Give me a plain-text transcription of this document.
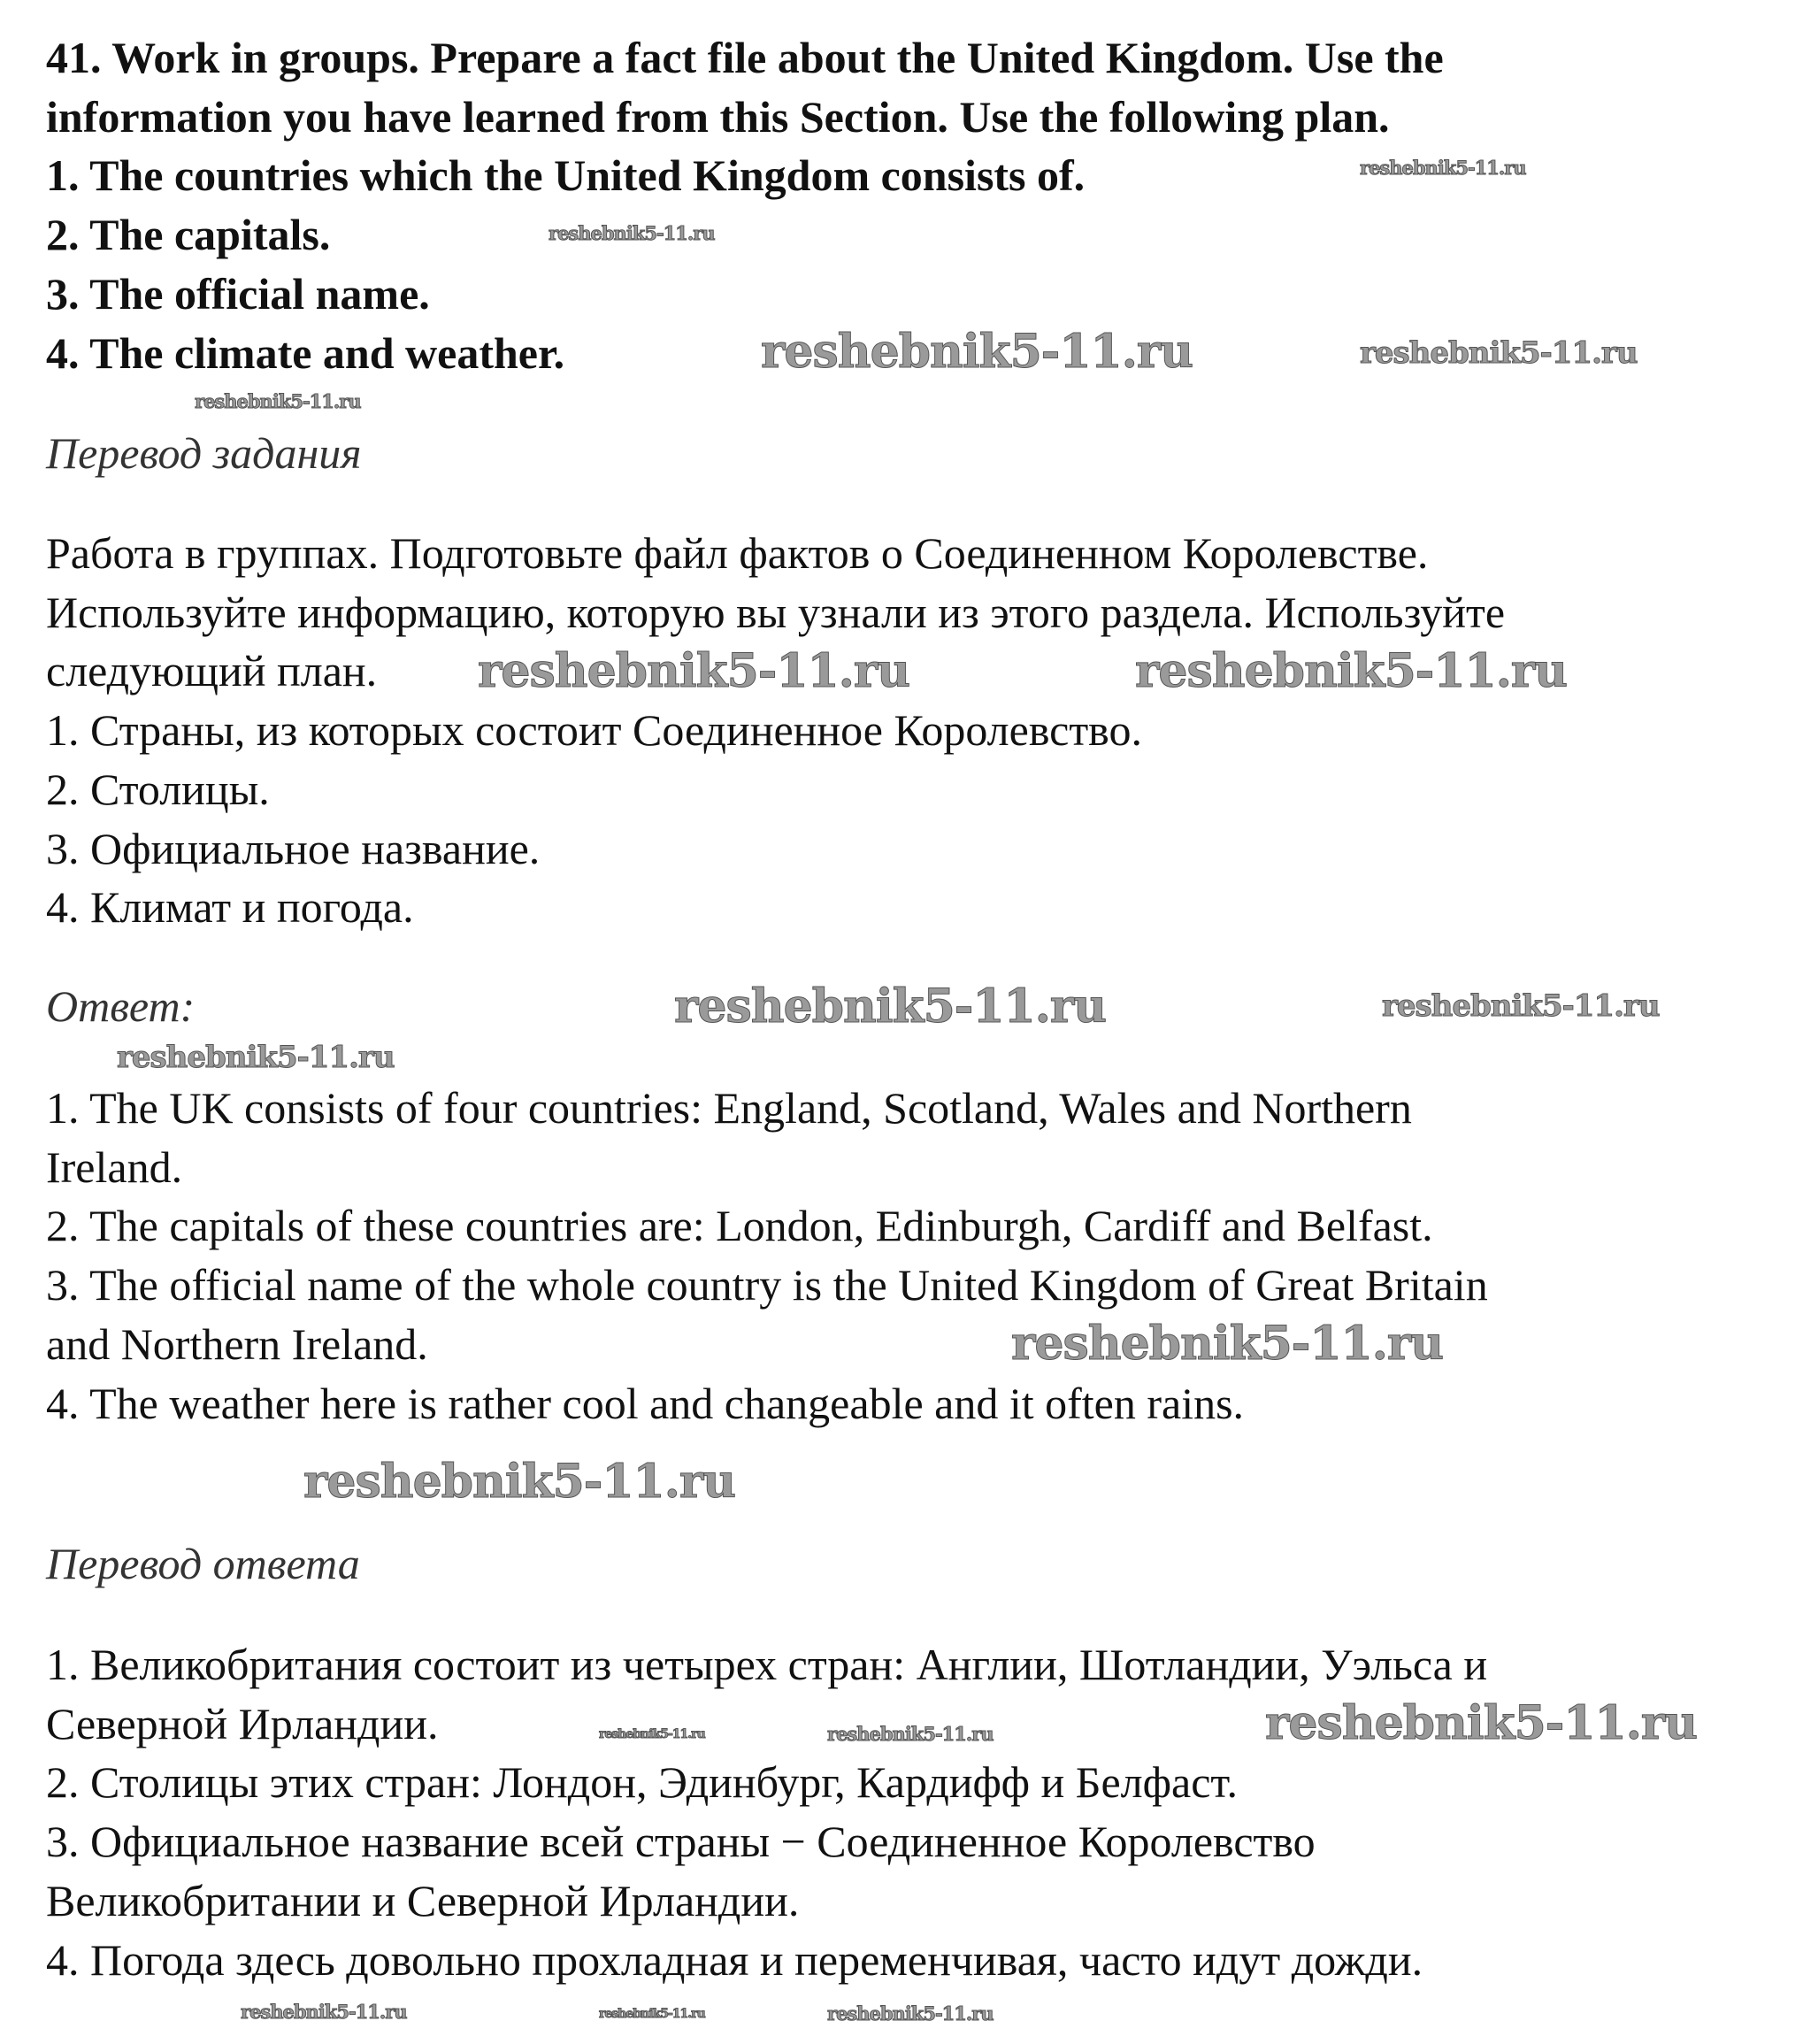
41. Work in groups. Prepare a fact file about the United Kingdom. Use the
information you have learned from this Section. Use the following plan.
1. The countries which the United Kingdom consists of.
2. The capitals.
3. The official name.
4. The climate and weather.
Перевод задания
Работа в группах. Подготовьте файл фактов о Соединенном Королевстве.
Используйте информацию, которую вы узнали из этого раздела. Используйте
следующий план.
1. Страны, из которых состоит Соединенное Королевство.
2. Столицы.
3. Официальное название.
4. Климат и погода.
Ответ:
1. The UK consists of four countries: England, Scotland, Wales and Northern
Ireland.
2. The capitals of these countries are: London, Edinburgh, Cardiff and Belfast.
3. The official name of the whole country is the United Kingdom of Great Britain
and Northern Ireland.
4. The weather here is rather cool and changeable and it often rains.
Перевод ответа
1. Великобритания состоит из четырех стран: Англии, Шотландии, Уэльса и
Северной Ирландии.
2. Столицы этих стран: Лондон, Эдинбург, Кардифф и Белфаст.
3. Официальное название всей страны − Соединенное Королевство
Великобритании и Северной Ирландии.
4. Погода здесь довольно прохладная и переменчивая, часто идут дожди.
reshebnik5-11.ru
reshebnik5-11.ru
reshebnik5-11.ru	reshebnik5-11.ru
reshebnik5-11.ru
reshebnik5-11.ru	reshebnik5-11.ru
reshebnik5-11.ru
reshebnik5-11.ru
reshebnik5-11.ru
reshebnik5-11.ru
reshebnik5-11.ru
reshebnik5-11.ru
reshebnik5-11.ru	reshebnik5-11.ru
reshebnik5-11.ru	reshebnik5-11.ru	reshebnik5-11.ru
